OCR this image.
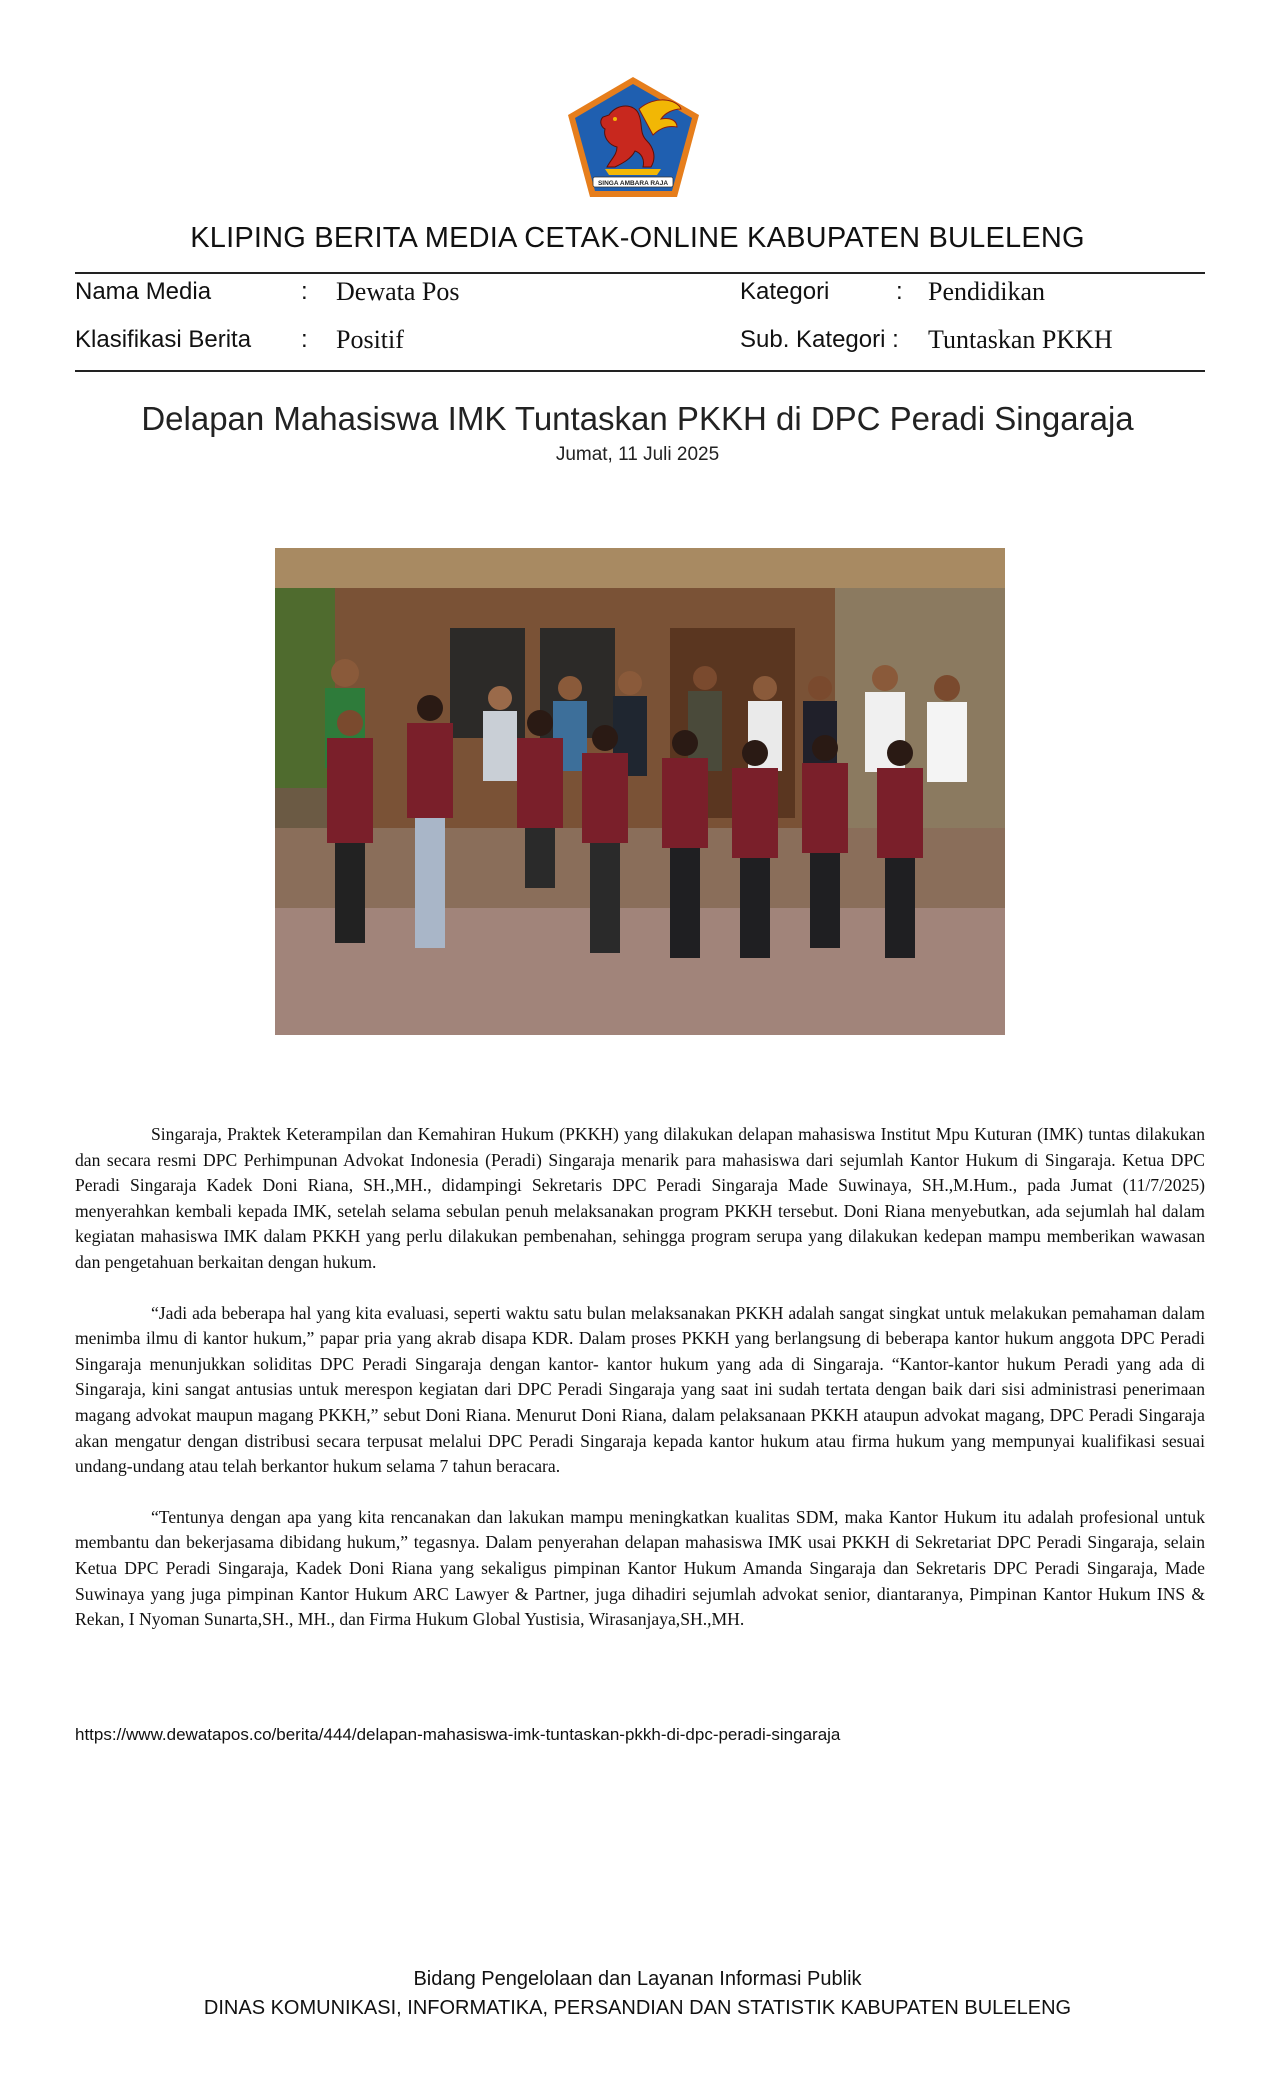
SINGA AMBARA RAJA
KLIPING BERITA MEDIA CETAK-ONLINE KABUPATEN BULELENG
Nama Media	: Dewata Pos	Kategori	: Pendidikan
Klasifikasi Berita : Positif	Sub. Kategori : Tuntaskan PKKH
Delapan Mahasiswa IMK Tuntaskan PKKH di DPC Peradi Singaraja
Jumat, 11 Juli 2025

Singaraja, Praktek Keterampilan dan Kemahiran Hukum (PKKH) yang dilakukan delapan mahasiswa Institut Mpu Kuturan (IMK) tuntas dilakukan dan secara resmi DPC Perhimpunan Advokat Indonesia (Peradi) Singaraja menarik para mahasiswa dari sejumlah Kantor Hukum di Singaraja. Ketua DPC Peradi Singaraja Kadek Doni Riana, SH.,MH., didampingi Sekretaris DPC Peradi Singaraja Made Suwinaya, SH.,M.Hum., pada Jumat (11/7/2025) menyerahkan kembali kepada IMK, setelah selama sebulan penuh melaksanakan program PKKH tersebut. Doni Riana menyebutkan, ada sejumlah hal dalam kegiatan mahasiswa IMK dalam PKKH yang perlu dilakukan pembenahan, sehingga program serupa yang dilakukan kedepan mampu memberikan wawasan dan pengetahuan berkaitan dengan hukum.

“Jadi ada beberapa hal yang kita evaluasi, seperti waktu satu bulan melaksanakan PKKH adalah sangat singkat untuk melakukan pemahaman dalam menimba ilmu di kantor hukum,” papar pria yang akrab disapa KDR. Dalam proses PKKH yang berlangsung di beberapa kantor hukum anggota DPC Peradi Singaraja menunjukkan soliditas DPC Peradi Singaraja dengan kantor- kantor hukum yang ada di Singaraja. “Kantor-kantor hukum Peradi yang ada di Singaraja, kini sangat antusias untuk merespon kegiatan dari DPC Peradi Singaraja yang saat ini sudah tertata dengan baik dari sisi administrasi penerimaan magang advokat maupun magang PKKH,” sebut Doni Riana. Menurut Doni Riana, dalam pelaksanaan PKKH ataupun advokat magang, DPC Peradi Singaraja akan mengatur dengan distribusi secara terpusat melalui DPC Peradi Singaraja kepada kantor hukum atau firma hukum yang mempunyai kualifikasi sesuai undang-undang atau telah berkantor hukum selama 7 tahun beracara.

“Tentunya dengan apa yang kita rencanakan dan lakukan mampu meningkatkan kualitas SDM, maka Kantor Hukum itu adalah profesional untuk membantu dan bekerjasama dibidang hukum,” tegasnya. Dalam penyerahan delapan mahasiswa IMK usai PKKH di Sekretariat DPC Peradi Singaraja, selain Ketua DPC Peradi Singaraja, Kadek Doni Riana yang sekaligus pimpinan Kantor Hukum Amanda Singaraja dan Sekretaris DPC Peradi Singaraja, Made Suwinaya yang juga pimpinan Kantor Hukum ARC Lawyer & Partner, juga dihadiri sejumlah advokat senior, diantaranya, Pimpinan Kantor Hukum INS & Rekan, I Nyoman Sunarta,SH., MH., dan Firma Hukum Global Yustisia, Wirasanjaya,SH.,MH.

https://www.dewatapos.co/berita/444/delapan-mahasiswa-imk-tuntaskan-pkkh-di-dpc-peradi-singaraja
Bidang Pengelolaan dan Layanan Informasi Publik
DINAS KOMUNIKASI, INFORMATIKA, PERSANDIAN DAN STATISTIK KABUPATEN BULELENG
